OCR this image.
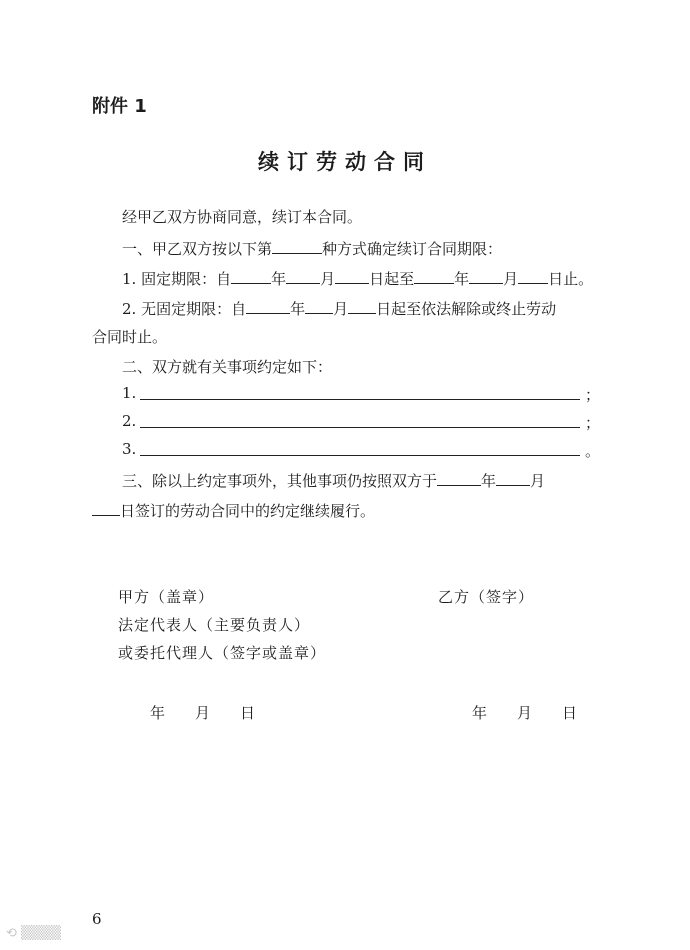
附件 1
续订劳动合同
经甲乙双方协商同意，续订本合同。
一、甲乙双方按以下第	种方式确定续订合同期限：
1. 固定期限：自	年 月 日起至	年 月 日止。
2. 无固定期限：自	年 月 日起至依法解除或终止劳动
合同时止。
二、双方就有关事项约定如下：
1.	；
2.	；
3.	。
三、除以上约定事项外，其他事项仍按照双方于	年 月
日签订的劳动合同中的约定继续履行。
甲方（盖章）	乙方（签字）
法定代表人（主要负责人）
或委托代理人（签字或盖章）
年 月 日	年 月 日
6
⟲ ▒▒▒▒
